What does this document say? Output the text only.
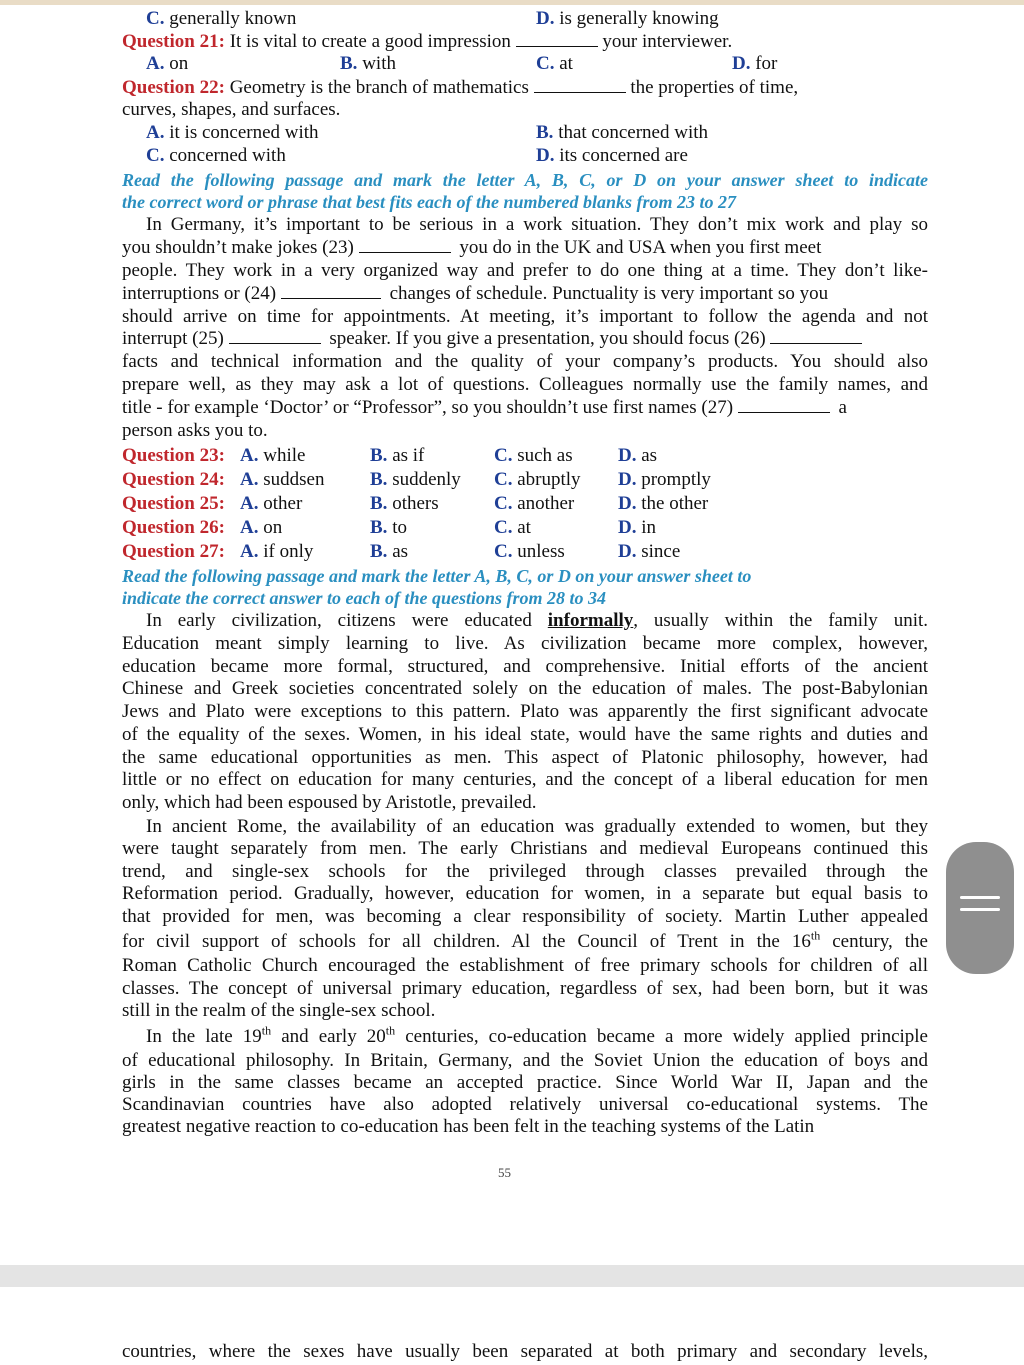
C. generally known	D. is generally knowing
Question 21: It is vital to create a good impression	your interviewer.
A. on	B. with	C. at	D. for
Question 22: Geometry is the branch of mathematics	the properties of time,
curves, shapes, and surfaces.
A. it is concerned with	B. that concerned with
C. concerned with	D. its concerned are
Read the following passage and mark the letter A, B, C, or D on your answer sheet to indicate
the correct word or phrase that best fits each of the numbered blanks from 23 to 27
In Germany, it’s important to be serious in a work situation. They don’t mix work and play so
you shouldn’t make jokes (23)	you do in the UK and USA when you first meet
people. They work in a very organized way and prefer to do one thing at a time. They don’t like-
interruptions or (24)	changes of schedule. Punctuality is very important so you
should arrive on time for appointments. At meeting, it’s important to follow the agenda and not
interrupt (25)	speaker. If you give a presentation, you should focus (26)
facts and technical information and the quality of your company’s products. You should also
prepare well, as they may ask a lot of questions. Colleagues normally use the family names, and
title - for example ‘Doctor’ or “Professor”, so you shouldn’t use first names (27)	a
person asks you to.
Question 23: A. while	B. as if	C. such as D. as
Question 24: A. suddsen B. suddenly C. abruptly D. promptly
Question 25: A. other	B. others	C. another D. the other
Question 26: A. on	B. to	C. at	D. in
Question 27: A. if only	B. as	C. unless	D. since
Read the following passage and mark the letter A, B, C, or D on your answer sheet to
indicate the correct answer to each of the questions from 28 to 34
In early civilization, citizens were educated informally, usually within the family unit.
Education meant simply learning to live. As civilization became more complex, however,
education became more formal, structured, and comprehensive. Initial efforts of the ancient
Chinese and Greek societies concentrated solely on the education of males. The post-Babylonian
Jews and Plato were exceptions to this pattern. Plato was apparently the first significant advocate
of the equality of the sexes. Women, in his ideal state, would have the same rights and duties and
the same educational opportunities as men. This aspect of Platonic philosophy, however, had
little or no effect on education for many centuries, and the concept of a liberal education for men
only, which had been espoused by Aristotle, prevailed.
In ancient Rome, the availability of an education was gradually extended to women, but they
were taught separately from men. The early Christians and medieval Europeans continued this
trend, and single-sex schools for the privileged through classes prevailed through the
Reformation period. Gradually, however, education for women, in a separate but equal basis to
that provided for men, was becoming a clear responsibility of society. Martin Luther appealed
for civil support of schools for all children. Al the Council of Trent in the 16th century, the
Roman Catholic Church encouraged the establishment of free primary schools for children of all
classes. The concept of universal primary education, regardless of sex, had been born, but it was
still in the realm of the single-sex school.
In the late 19th and early 20th centuries, co-education became a more widely applied principle
of educational philosophy. In Britain, Germany, and the Soviet Union the education of boys and
girls in the same classes became an accepted practice. Since World War II, Japan and the
Scandinavian countries have also adopted relatively universal co-educational systems. The
greatest negative reaction to co-education has been felt in the teaching systems of the Latin
55
countries, where the sexes have usually been separated at both primary and secondary levels,
